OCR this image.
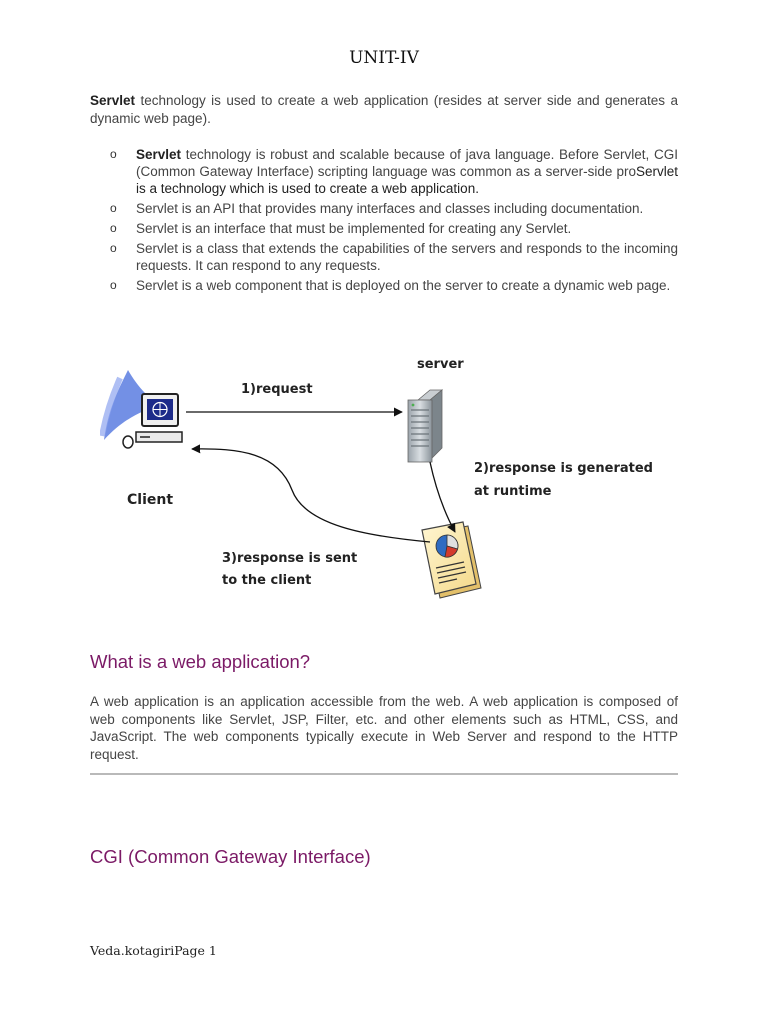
UNIT-IV

Servlet technology is used to create a web application (resides at server side and generates a dynamic web page).

o Servlet technology is robust and scalable because of java language. Before Servlet, CGI (Common Gateway Interface) scripting language was common as a server-side proServlet is a technology which is used to create a web application.
o Servlet is an API that provides many interfaces and classes including documentation.
o Servlet is an interface that must be implemented for creating any Servlet.
o Servlet is a class that extends the capabilities of the servers and responds to the incoming requests. It can respond to any requests.
o Servlet is a web component that is deployed on the server to create a dynamic web page.
server
1)request
Client
2)response is generated
at runtime
3)response is sent
to the client
What is a web application?

A web application is an application accessible from the web. A web application is composed of web components like Servlet, JSP, Filter, etc. and other elements such as HTML, CSS, and JavaScript. The web components typically execute in Web Server and respond to the HTTP request.

CGI (Common Gateway Interface)
Veda.kotagiriPage 1
